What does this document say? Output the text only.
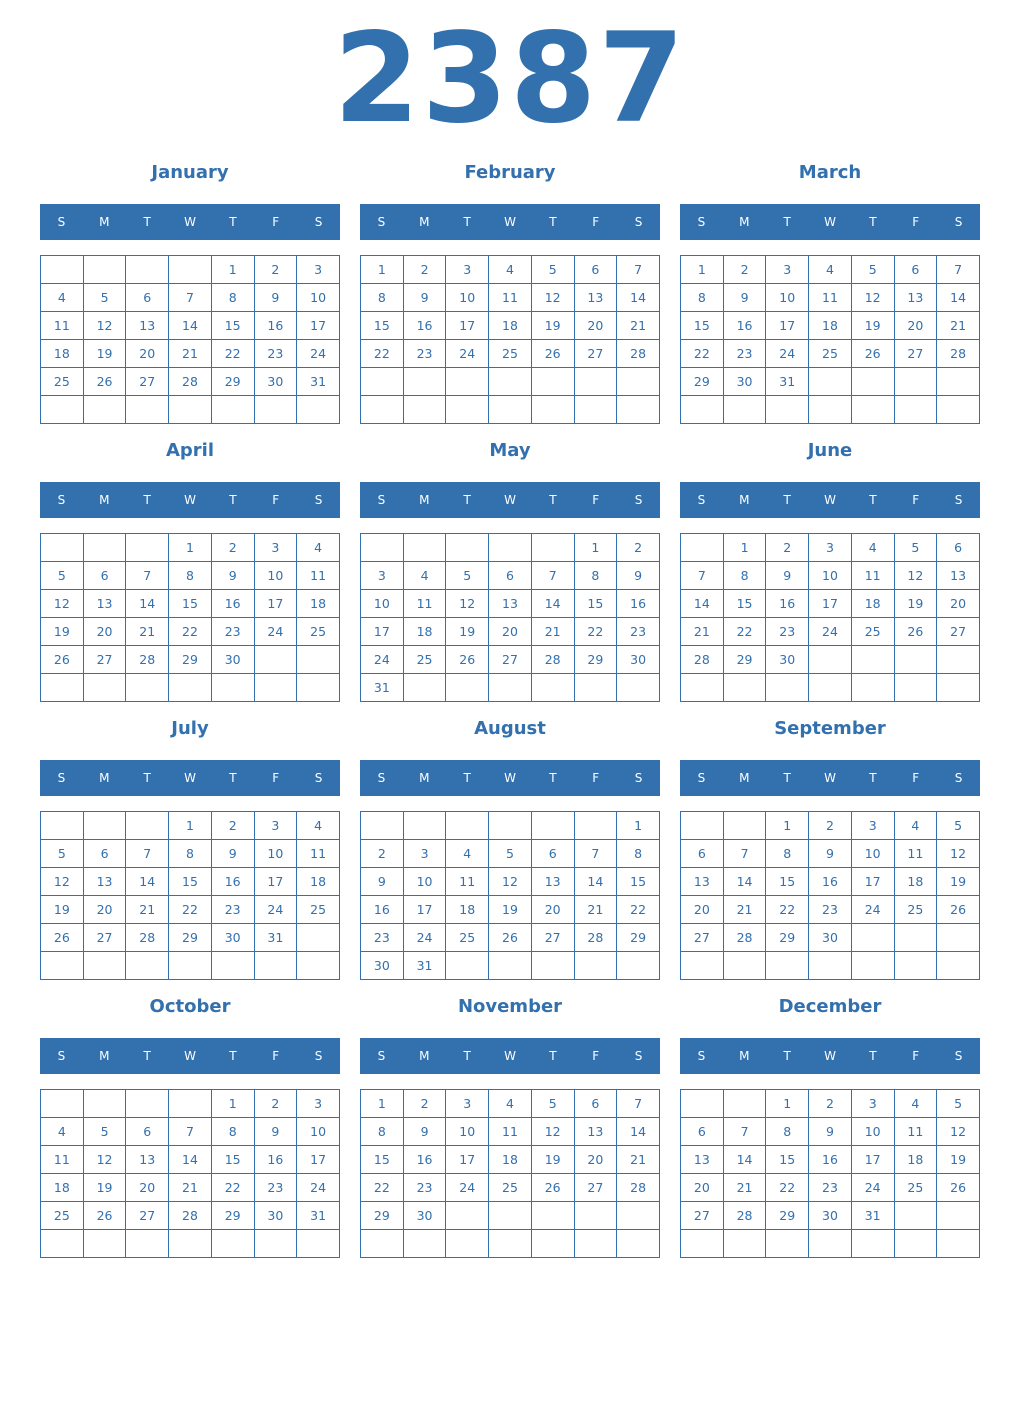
2387
January
S	M	T	W	T	F	S
				1	2	3
4	5	6	7	8	9	10
11	12	13	14	15	16	17
18	19	20	21	22	23	24
25	26	27	28	29	30	31

February
S	M	T	W	T	F	S
1	2	3	4	5	6	7
8	9	10	11	12	13	14
15	16	17	18	19	20	21
22	23	24	25	26	27	28

March
S	M	T	W	T	F	S
1	2	3	4	5	6	7
8	9	10	11	12	13	14
15	16	17	18	19	20	21
22	23	24	25	26	27	28
29	30	31				

April
S	M	T	W	T	F	S
			1	2	3	4
5	6	7	8	9	10	11
12	13	14	15	16	17	18
19	20	21	22	23	24	25
26	27	28	29	30		

May
S	M	T	W	T	F	S
					1	2
3	4	5	6	7	8	9
10	11	12	13	14	15	16
17	18	19	20	21	22	23
24	25	26	27	28	29	30
31						
June
S	M	T	W	T	F	S
	1	2	3	4	5	6
7	8	9	10	11	12	13
14	15	16	17	18	19	20
21	22	23	24	25	26	27
28	29	30				

July
S	M	T	W	T	F	S
			1	2	3	4
5	6	7	8	9	10	11
12	13	14	15	16	17	18
19	20	21	22	23	24	25
26	27	28	29	30	31	

August
S	M	T	W	T	F	S
						1
2	3	4	5	6	7	8
9	10	11	12	13	14	15
16	17	18	19	20	21	22
23	24	25	26	27	28	29
30	31					
September
S	M	T	W	T	F	S
		1	2	3	4	5
6	7	8	9	10	11	12
13	14	15	16	17	18	19
20	21	22	23	24	25	26
27	28	29	30			

October
S	M	T	W	T	F	S
				1	2	3
4	5	6	7	8	9	10
11	12	13	14	15	16	17
18	19	20	21	22	23	24
25	26	27	28	29	30	31

November
S	M	T	W	T	F	S
1	2	3	4	5	6	7
8	9	10	11	12	13	14
15	16	17	18	19	20	21
22	23	24	25	26	27	28
29	30					

December
S	M	T	W	T	F	S
		1	2	3	4	5
6	7	8	9	10	11	12
13	14	15	16	17	18	19
20	21	22	23	24	25	26
27	28	29	30	31		
